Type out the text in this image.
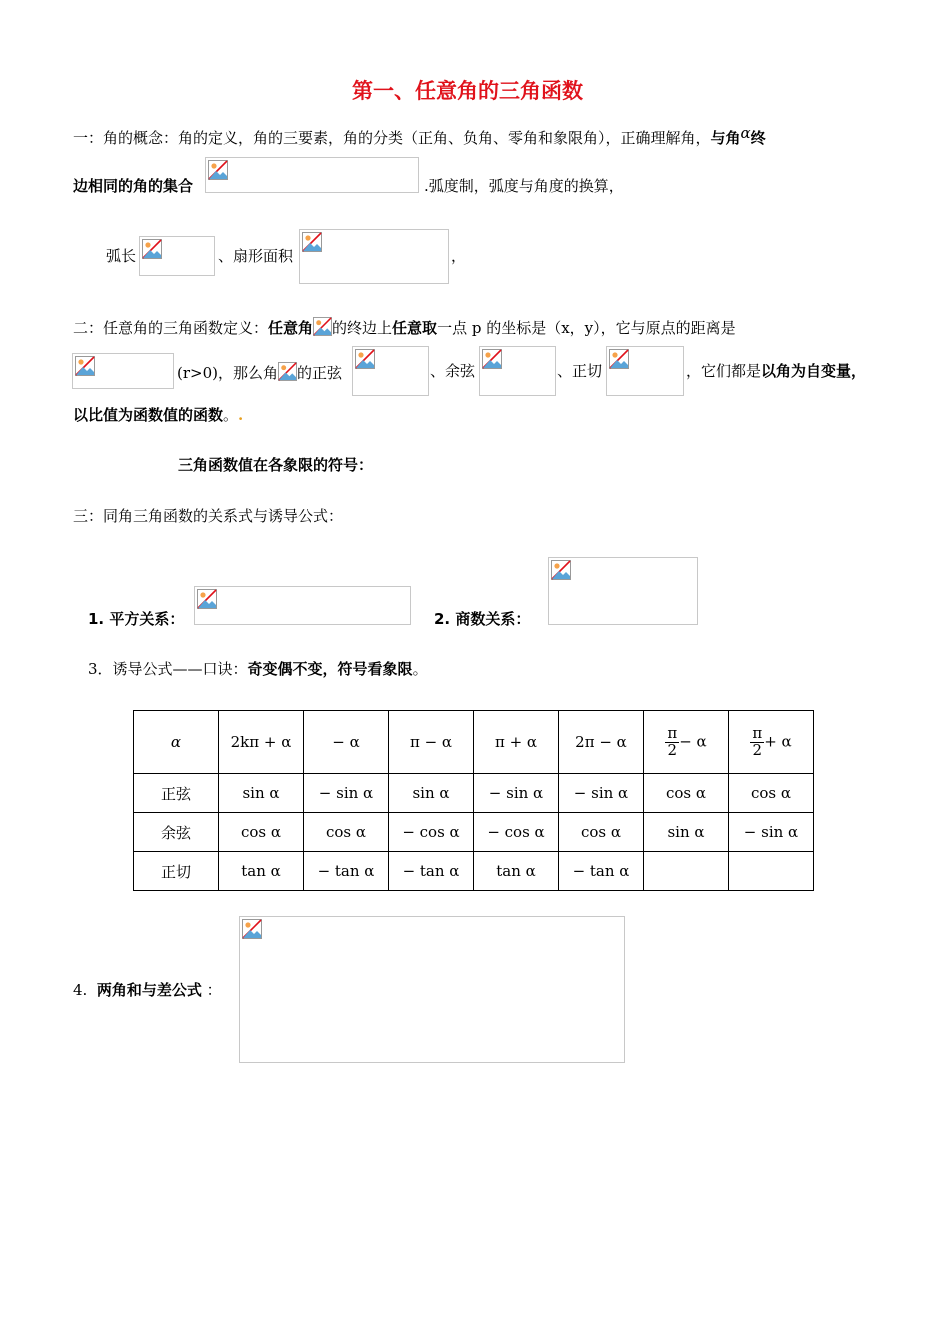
第一、任意角的三角函数
一：角的概念：角的定义，角的三要素，角的分类（正角、负角、零角和象限角），正确理解角，与角α终
边相同的角的集合	.弧度制，弧度与角度的换算，
弧长	、扇形面积	，
二：任意角的三角函数定义：任意角 的终边上任意取一点 p 的坐标是（x，y），它与原点的距离是
(r>0)，那么角 的正弦	、余弦	、正切	，它们都是以角为自变量，
以比值为函数值的函数。.
三角函数值在各象限的符号：
三：同角三角函数的关系式与诱导公式：
1. 平方关系：	2. 商数关系：
3．诱导公式——口诀：奇变偶不变，符号看象限。
α	2kπ + α	− α	π − α	π + α	2π − α	$\frac{\pi}{2} - \alpha$	$\frac{\pi}{2} + \alpha$
正弦	sin α	− sin α	sin α	− sin α	− sin α	cos α	cos α
余弦	cos α	cos α	− cos α	− cos α	cos α	sin α	− sin α
正切	tan α	− tan α	− tan α	tan α	− tan α		
4. 两角和与差公式 ：
